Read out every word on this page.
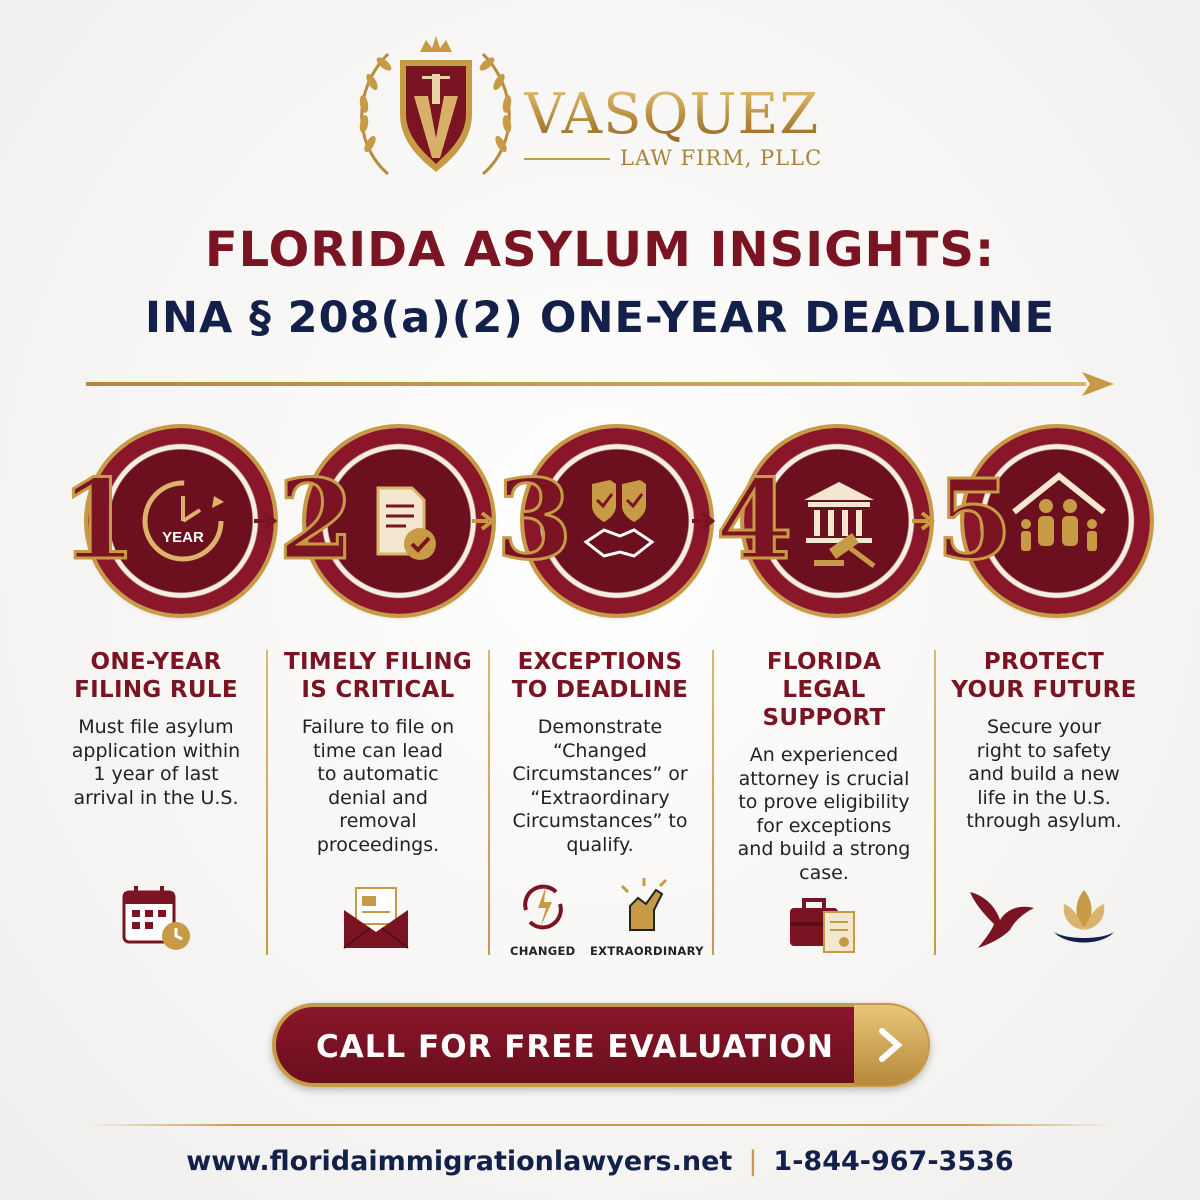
VASQUEZ
LAW FIRM, PLLC
FLORIDA ASYLUM INSIGHTS:
INA § 208(a)(2) ONE-YEAR DEADLINE
1 YEAR 2 3 4 5
ONE-YEAR
FILING RULE

Must file asylum
application within
1 year of last
arrival in the U.S.

TIMELY FILING
IS CRITICAL

Failure to file on
time can lead
to automatic
denial and
removal
proceedings.

EXCEPTIONS
TO DEADLINE

Demonstrate
“Changed
Circumstances” or
“Extraordinary
Circumstances” to
qualify.

CHANGED EXTRAORDINARY
FLORIDA
LEGAL
SUPPORT

An experienced
attorney is crucial
to prove eligibility
for exceptions
and build a strong
case.

PROTECT
YOUR FUTURE

Secure your
right to safety
and build a new
life in the U.S.
through asylum.

CALL FOR FREE EVALUATION
www.floridaimmigrationlawyers.net | 1-844-967-3536
